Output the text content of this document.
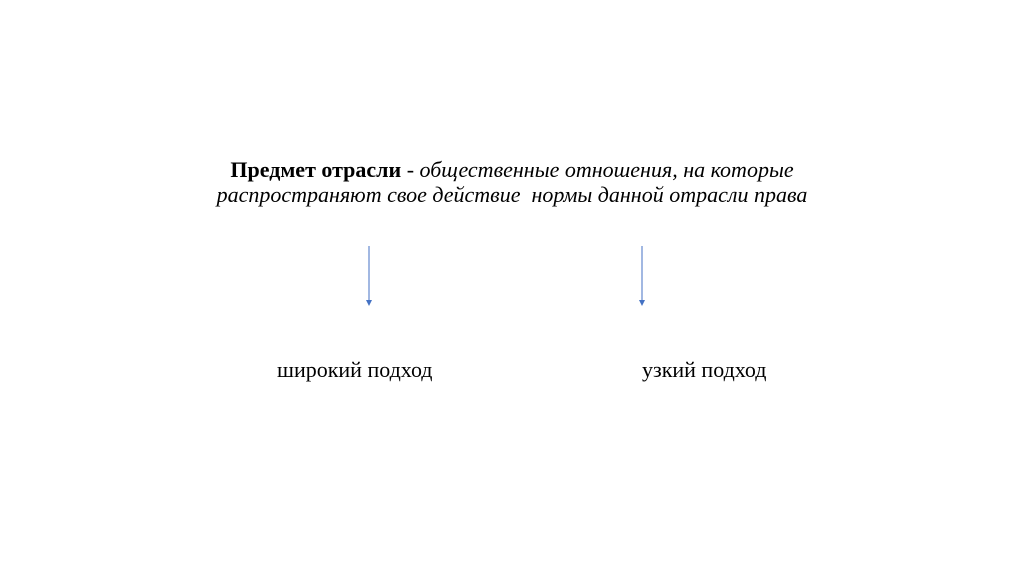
Предмет отрасли - общественные отношения, на которые
распространяют свое действие  нормы данной отрасли права
широкий подход	узкий подход
